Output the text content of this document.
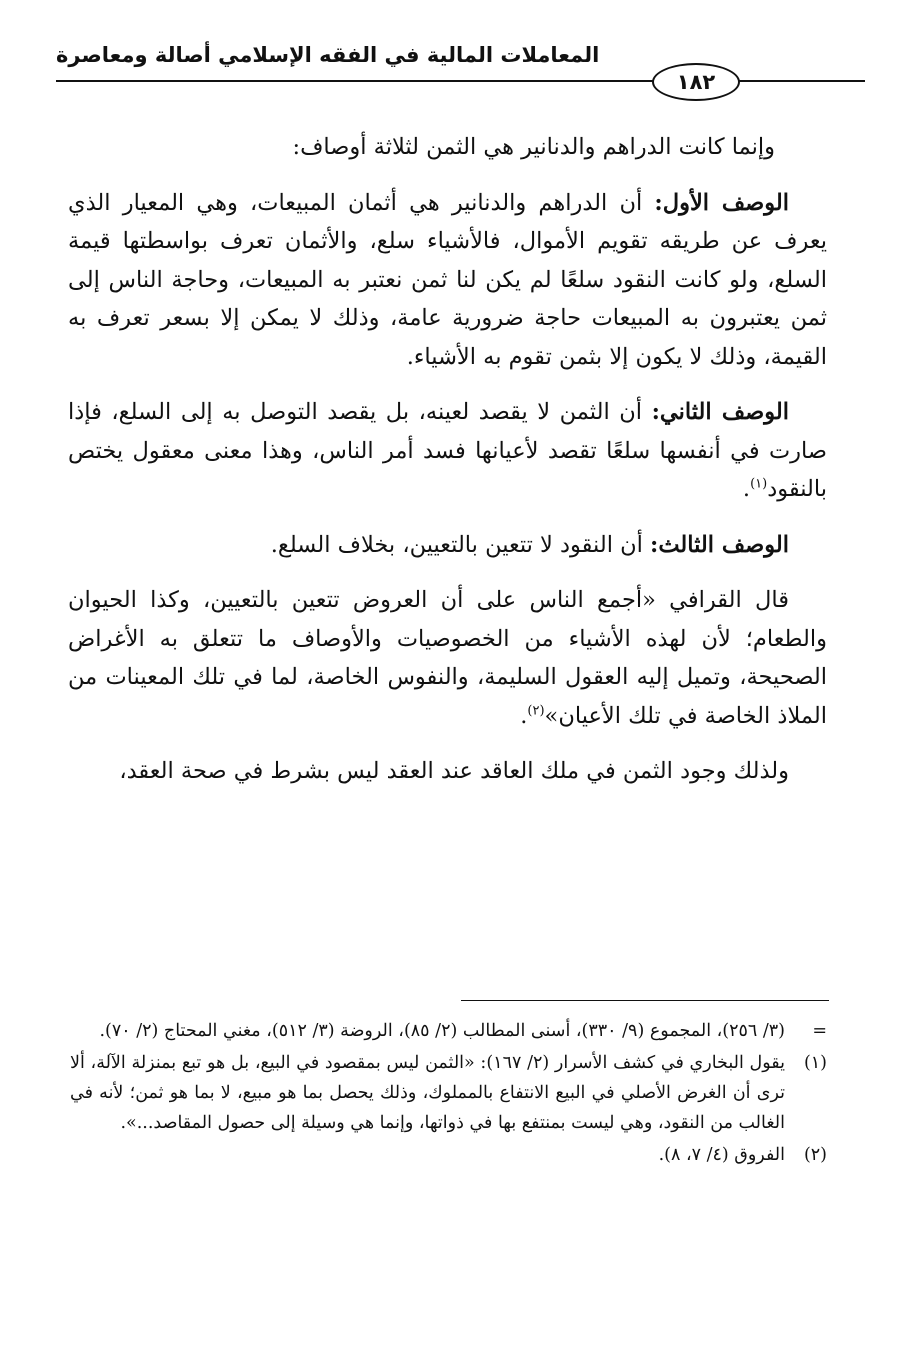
المعاملات المالية في الفقه الإسلامي أصالة ومعاصرة
١٨٢

وإنما كانت الدراهم والدنانير هي الثمن لثلاثة أوصاف:

الوصف الأول: أن الدراهم والدنانير هي أثمان المبيعات، وهي المعيار الذي يعرف عن طريقه تقويم الأموال، فالأشياء سلع، والأثمان تعرف بواسطتها قيمة السلع، ولو كانت النقود سلعًا لم يكن لنا ثمن نعتبر به المبيعات، وحاجة الناس إلى ثمن يعتبرون به المبيعات حاجة ضرورية عامة، وذلك لا يمكن إلا بسعر تعرف به القيمة، وذلك لا يكون إلا بثمن تقوم به الأشياء.

الوصف الثاني: أن الثمن لا يقصد لعينه، بل يقصد التوصل به إلى السلع، فإذا صارت في أنفسها سلعًا تقصد لأعيانها فسد أمر الناس، وهذا معنى معقول يختص بالنقود$^{(١)}$.

الوصف الثالث: أن النقود لا تتعين بالتعيين، بخلاف السلع.

قال القرافي «أجمع الناس على أن العروض تتعين بالتعيين، وكذا الحيوان والطعام؛ لأن لهذه الأشياء من الخصوصيات والأوصاف ما تتعلق به الأغراض الصحيحة، وتميل إليه العقول السليمة، والنفوس الخاصة، لما في تلك المعينات من الملاذ الخاصة في تلك الأعيان»$^{(٢)}$.

ولذلك وجود الثمن في ملك العاقد عند العقد ليس بشرط في صحة العقد،

=
(٣/ ٢٥٦)، المجموع (٩/ ٣٣٠)، أسنى المطالب (٢/ ٨٥)، الروضة (٣/ ٥١٢)، مغني المحتاج (٢/ ٧٠).
(١)
يقول البخاري في كشف الأسرار (٢/ ١٦٧): «الثمن ليس بمقصود في البيع، بل هو تبع بمنزلة الآلة، ألا ترى أن الغرض الأصلي في البيع الانتفاع بالمملوك، وذلك يحصل بما هو مبيع، لا بما هو ثمن؛ لأنه في الغالب من النقود، وهي ليست بمنتفع بها في ذواتها، وإنما هي وسيلة إلى حصول المقاصد...».
(٢)
الفروق (٤/ ٧، ٨).
